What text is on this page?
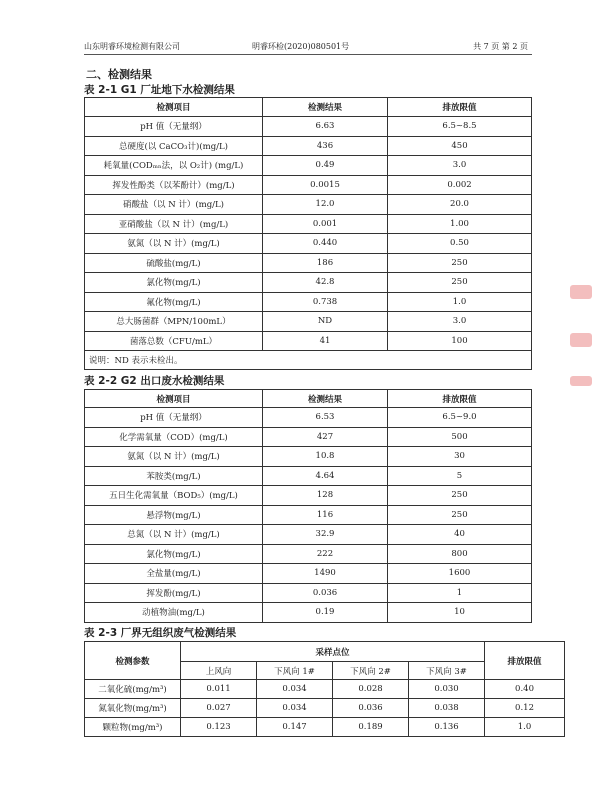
山东明睿环境检测有限公司	明睿环检(2020)080501号	共 7 页 第 2 页
二、检测结果
表 2-1 G1 厂址地下水检测结果
检测项目	检测结果	排放限值
pH 值（无量纲）	6.63	6.5~8.5
总硬度(以 CaCO₃计)(mg/L)	436	450
耗氧量(CODₘₙ法，以 O₂计) (mg/L)	0.49	3.0
挥发性酚类（以苯酚计）(mg/L)	0.0015	0.002
硝酸盐（以 N 计）(mg/L)	12.0	20.0
亚硝酸盐（以 N 计）(mg/L)	0.001	1.00
氨氮（以 N 计）(mg/L)	0.440	0.50
硫酸盐(mg/L)	186	250
氯化物(mg/L)	42.8	250
氟化物(mg/L)	0.738	1.0
总大肠菌群（MPN/100mL）	ND	3.0
菌落总数（CFU/mL）	41	100
说明：ND 表示未检出。		
表 2-2 G2 出口废水检测结果
检测项目	检测结果	排放限值
pH 值（无量纲）	6.53	6.5~9.0
化学需氧量（COD）(mg/L)	427	500
氨氮（以 N 计）(mg/L)	10.8	30
苯胺类(mg/L)	4.64	5
五日生化需氧量（BOD₅）(mg/L)	128	250
悬浮物(mg/L)	116	250
总氮（以 N 计）(mg/L)	32.9	40
氯化物(mg/L)	222	800
全盐量(mg/L)	1490	1600
挥发酚(mg/L)	0.036	1
动植物油(mg/L)	0.19	10
表 2-3 厂界无组织废气检测结果
检测参数	采样点位				排放限值
	上风向	下风向 1#	下风向 2#	下风向 3#	
二氧化硫(mg/m³)	0.011	0.034	0.028	0.030	0.40
氮氧化物(mg/m³)	0.027	0.034	0.036	0.038	0.12
颗粒物(mg/m³)	0.123	0.147	0.189	0.136	1.0
